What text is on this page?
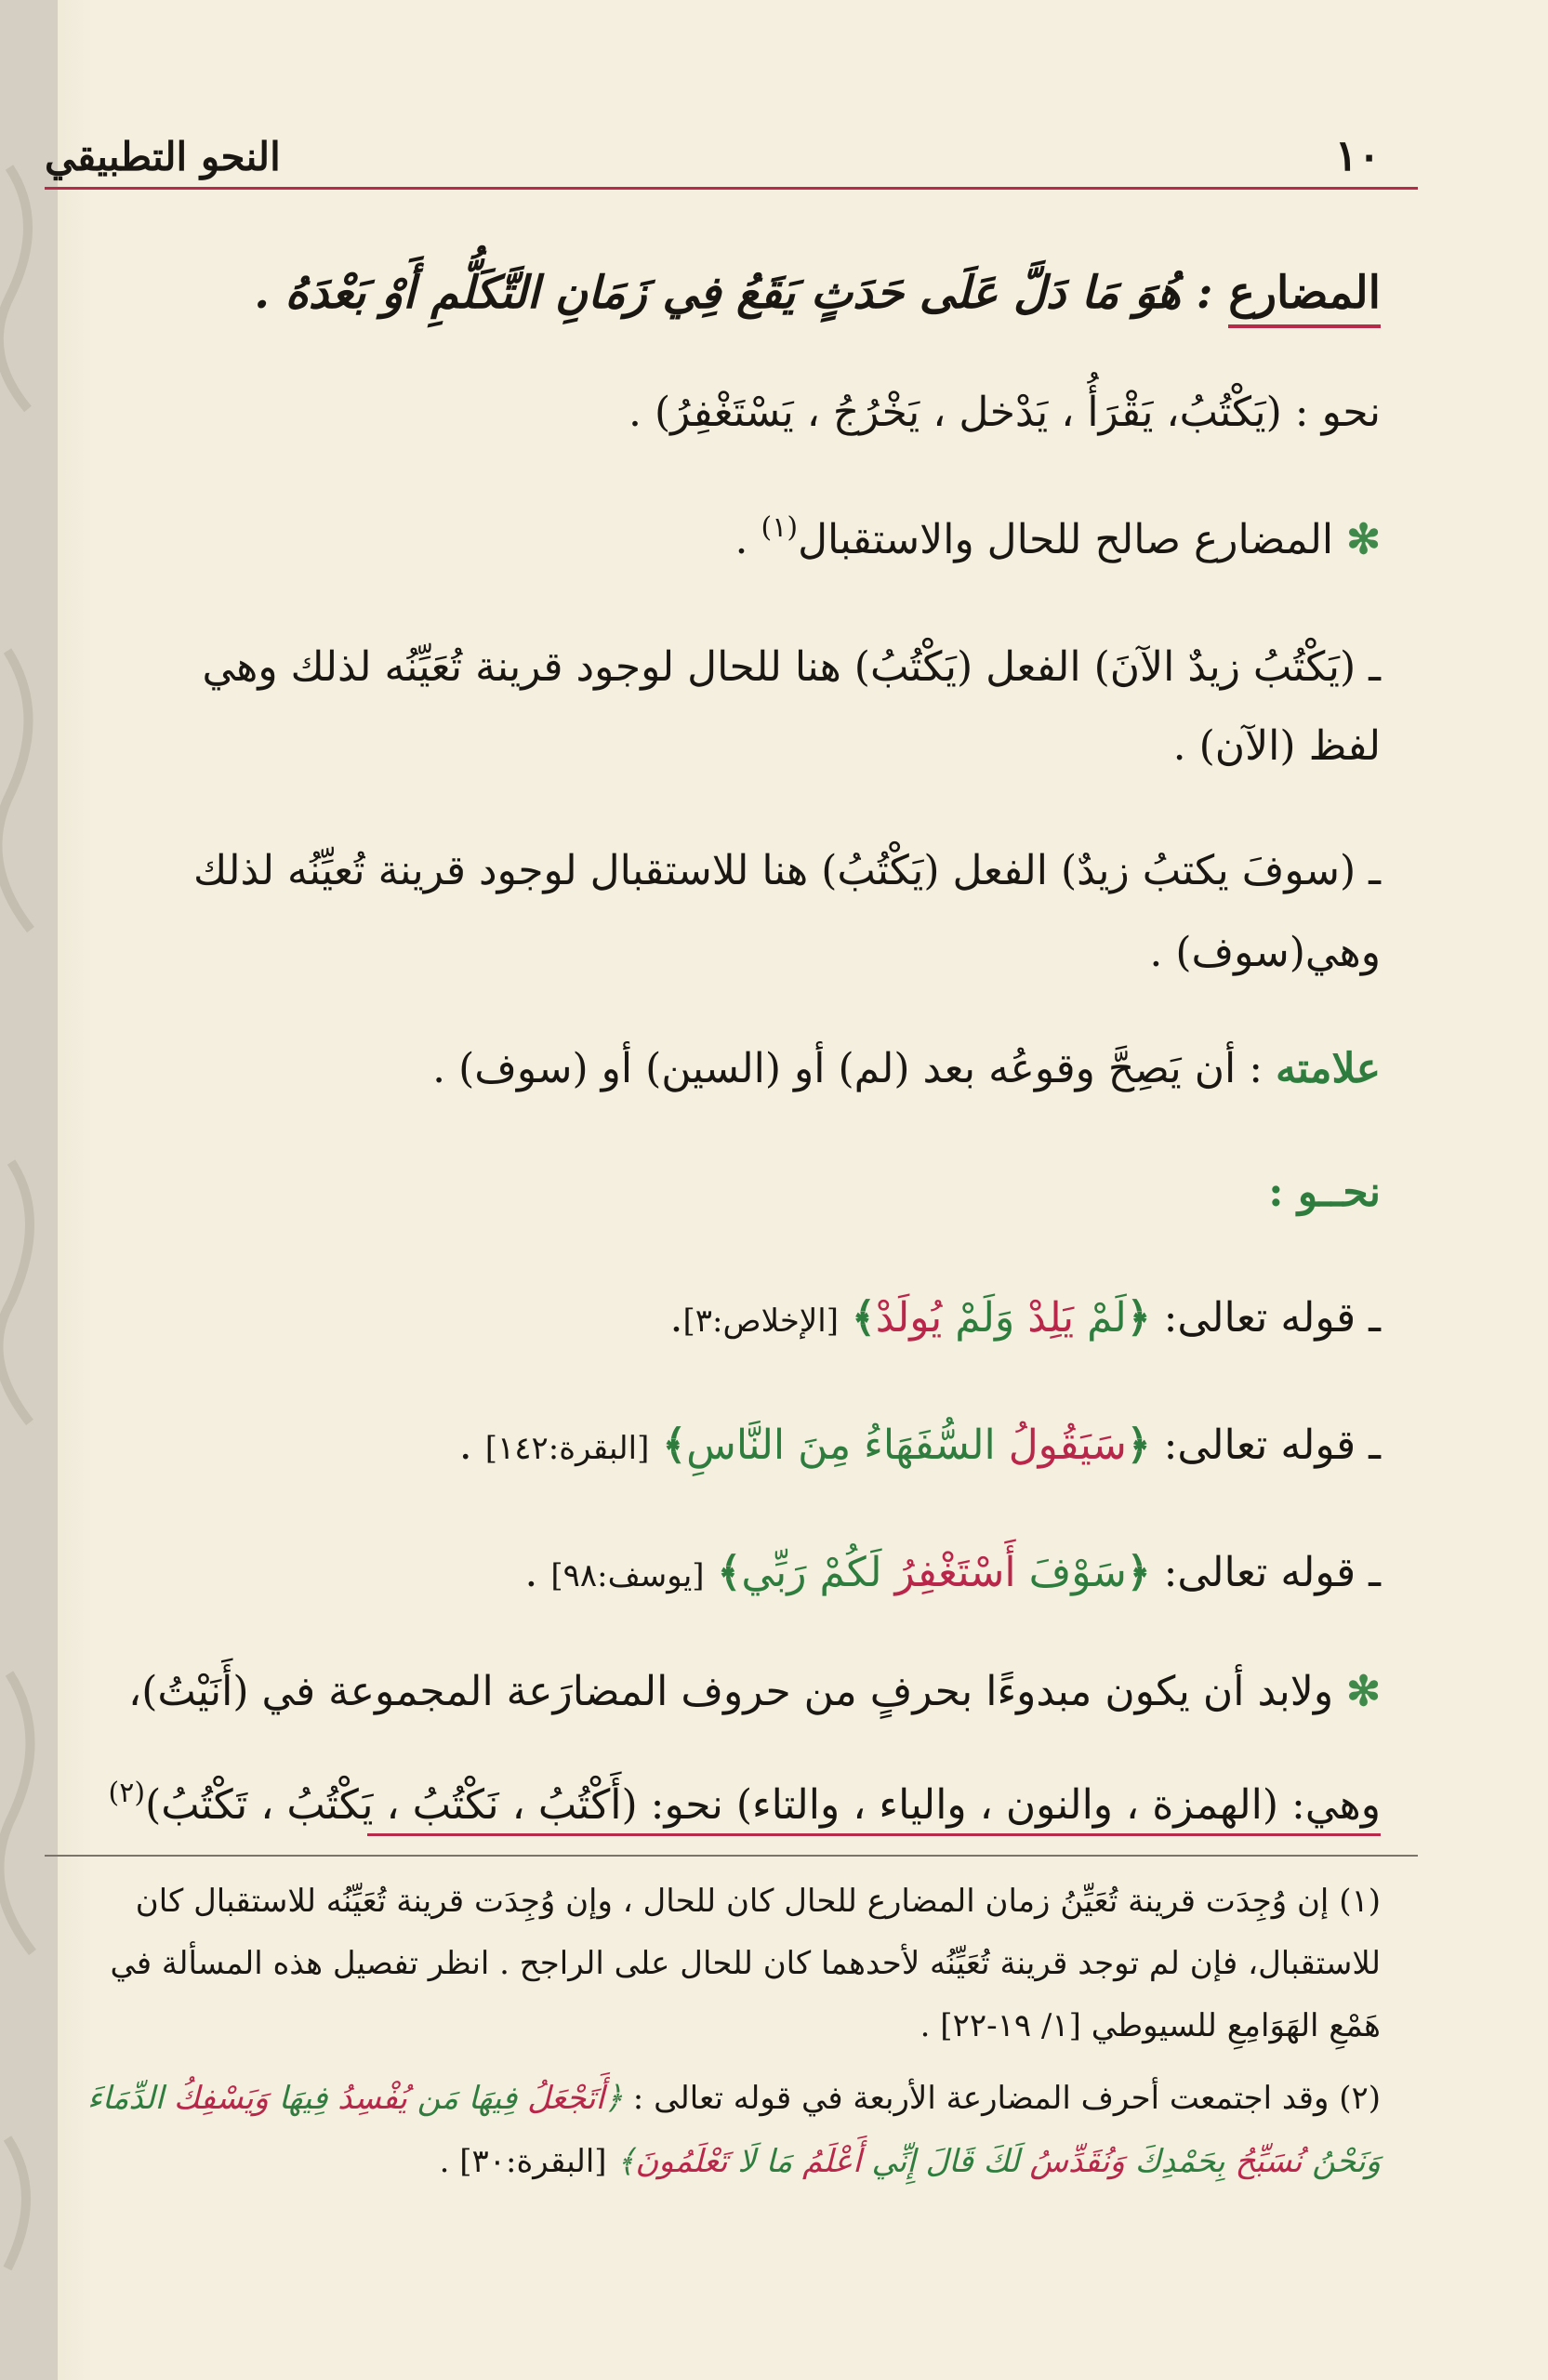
١٠
النحو التطبيقي
المضارع : هُوَ مَا دَلَّ عَلَى حَدَثٍ يَقَعُ فِي زَمَانِ التَّكَلُّمِ أَوْ بَعْدَهُ .
نحو : (يَكْتُبُ، يَقْرَأُ ، يَدْخل ، يَخْرُجُ ، يَسْتَغْفِرُ) .
✻ المضارع صالح للحال والاستقبال$^{(١)}$ .
ـ (يَكْتُبُ زيدٌ الآنَ) الفعل (يَكْتُبُ) هنا للحال لوجود قرينة تُعَيِّنُه لذلك وهي
لفظ (الآن) .
ـ (سوفَ يكتبُ زيدٌ) الفعل (يَكْتُبُ) هنا للاستقبال لوجود قرينة تُعيِّنُه لذلك
وهي(سوف) .
علامته : أن يَصِحَّ وقوعُه بعد (لم) أو (السين) أو (سوف) .
نحــو :
ـ قوله تعالى: ﴿لَمْ يَلِدْ وَلَمْ يُولَدْ﴾ [الإخلاص:٣].
ـ قوله تعالى: ﴿سَيَقُولُ السُّفَهَاءُ مِنَ النَّاسِ﴾ [البقرة:١٤٢] .
ـ قوله تعالى: ﴿سَوْفَ أَسْتَغْفِرُ لَكُمْ رَبِّي﴾ [يوسف:٩٨] .
✻ ولابد أن يكون مبدوءًا بحرفٍ من حروف المضارَعة المجموعة في (أَنَيْتُ)،
وهي: (الهمزة ، والنون ، والياء ، والتاء) نحو: (أَكْتُبُ ، نَكْتُبُ ، يَكْتُبُ ، تَكْتُبُ)$^{(٢)}$
(١) إن وُجِدَت قرينة تُعَيِّنُ زمان المضارع للحال كان للحال ، وإن وُجِدَت قرينة تُعَيِّنُه للاستقبال كان
للاستقبال، فإن لم توجد قرينة تُعَيِّنُه لأحدهما كان للحال على الراجح . انظر تفصيل هذه المسألة في
هَمْعِ الهَوَامِعِ للسيوطي [١/ ١٩-٢٢] .
(٢) وقد اجتمعت أحرف المضارعة الأربعة في قوله تعالى : ﴿أَتَجْعَلُ فِيهَا مَن يُفْسِدُ فِيهَا وَيَسْفِكُ الدِّمَاءَ
وَنَحْنُ نُسَبِّحُ بِحَمْدِكَ وَنُقَدِّسُ لَكَ قَالَ إِنِّي أَعْلَمُ مَا لَا تَعْلَمُونَ﴾ [البقرة:٣٠] .
